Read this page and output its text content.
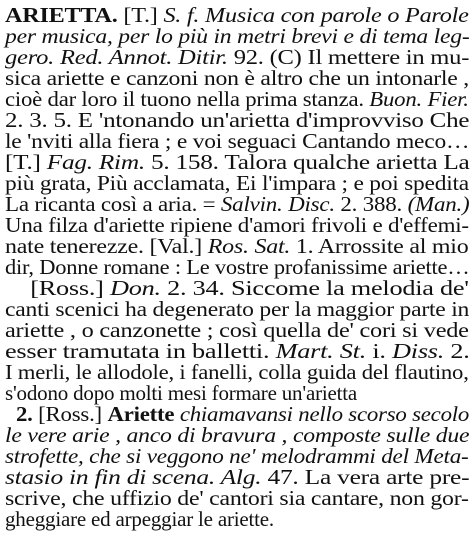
ARIETTA. [T.] S. f. Musica con parole o Parole
per musica, per lo più in metri brevi e di tema leg-
gero. Red. Annot. Ditir. 92. (C) Il mettere in mu-
sica ariette e canzoni non è altro che un intonarle ,
cioè dar loro il tuono nella prima stanza. Buon. Fier.
2. 3. 5. E 'ntonando un'arietta d'improvviso Che
le 'nviti alla fiera ; e voi seguaci Cantando meco…
[T.] Fag. Rim. 5. 158. Talora qualche arietta La
più grata, Più acclamata, Ei l'impara ; e poi spedita
La ricanta così a aria. = Salvin. Disc. 2. 388. (Man.)
Una filza d'ariette ripiene d'amori frivoli e d'effemi-
nate tenerezze. [Val.] Ros. Sat. 1. Arrossite al mio
dir, Donne romane : Le vostre profanissime ariette…
[Ross.] Don. 2. 34. Siccome la melodia de'
canti scenici ha degenerato per la maggior parte in
ariette , o canzonette ; così quella de' cori si vede
esser tramutata in balletti. Mart. St. i. Diss. 2.
I merli, le allodole, i fanelli, colla guida del flautino,
s'odono dopo molti mesi formare un'arietta
2. [Ross.] Ariette chiamavansi nello scorso secolo
le vere arie , anco di bravura , composte sulle due
strofette, che si veggono ne' melodrammi del Meta-
stasio in fin di scena. Alg. 47. La vera arte pre-
scrive, che uffizio de' cantori sia cantare, non gor-
gheggiare ed arpeggiar le ariette.
